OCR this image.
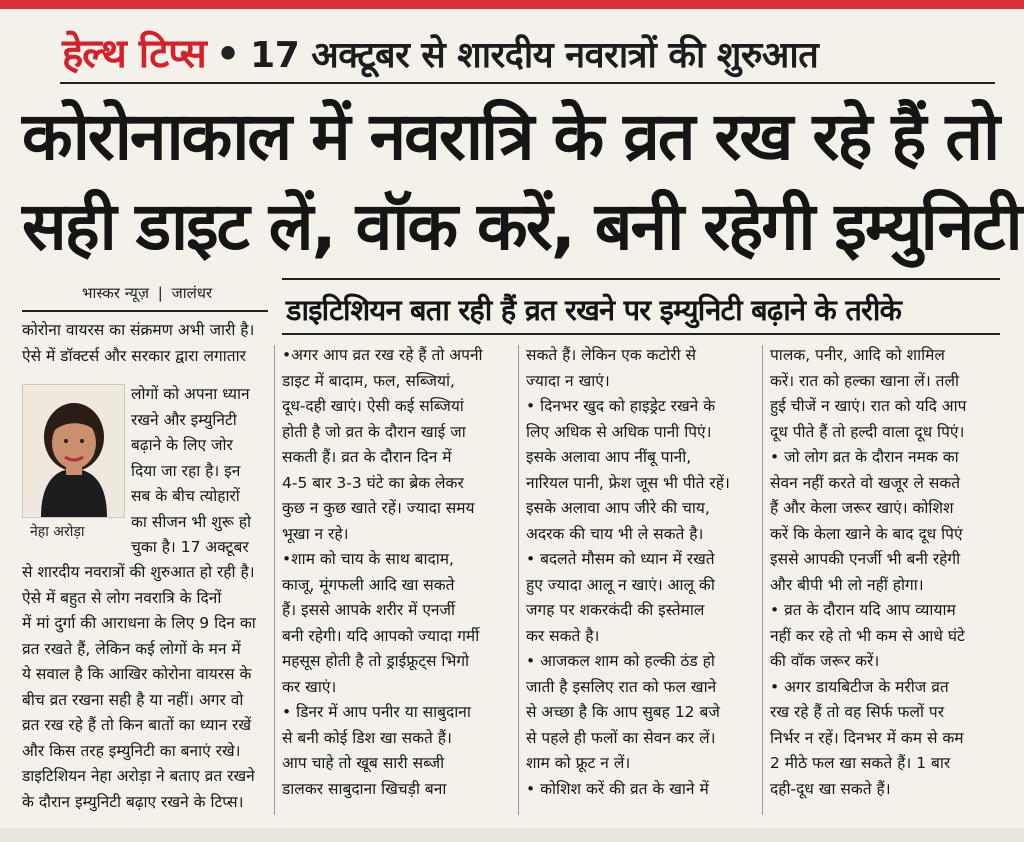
हेल्थ टिप्स • 17 अक्टूबर से शारदीय नवरात्रों की शुरुआत
कोरोनाकाल में नवरात्रि के व्रत रख रहे हैं तो
सही डाइट लें, वॉक करें, बनी रहेगी इम्युनिटी
भास्कर न्यूज़ | जालंधर	डाइटिशियन बता रही हैं व्रत रखने पर इम्युनिटी बढ़ाने के तरीके
कोरोना वायरस का संक्रमण अभी जारी है।
ऐसे में डॉक्टर्स और सरकार द्वारा लगातार
लोगों को अपना ध्यान
रखने और इम्युनिटी
बढ़ाने के लिए जोर
दिया जा रहा है। इन
सब के बीच त्योहारों
का सीजन भी शुरू हो
चुका है। 17 अक्टूबर
नेहा अरोड़ा
से शारदीय नवरात्रों की शुरुआत हो रही है।
ऐसे में बहुत से लोग नवरात्रि के दिनों
में मां दुर्गा की आराधना के लिए 9 दिन का
व्रत रखते हैं, लेकिन कई लोगों के मन में
ये सवाल है कि आखिर कोरोना वायरस के
बीच व्रत रखना सही है या नहीं। अगर वो
व्रत रख रहे हैं तो किन बातों का ध्यान रखें
और किस तरह इम्युनिटी का बनाएं रखे।
डाइटिशियन नेहा अरोड़ा ने बताए व्रत रखने
के दौरान इम्युनिटी बढ़ाए रखने के टिप्स।
•अगर आप व्रत रख रहे हैं तो अपनी
डाइट में बादाम, फल, सब्जियां,
दूध-दही खाएं। ऐसी कई सब्जियां
होती है जो व्रत के दौरान खाई जा
सकती हैं। व्रत के दौरान दिन में
4-5 बार 3-3 घंटे का ब्रेक लेकर
कुछ न कुछ खाते रहें। ज्यादा समय
भूखा न रहे।
•शाम को चाय के साथ बादाम,
काजू, मूंगफली आदि खा सकते
हैं। इससे आपके शरीर में एनर्जी
बनी रहेगी। यदि आपको ज्यादा गर्मी
महसूस होती है तो ड्राईफ्रूट्स भिगो
कर खाएं।
• डिनर में आप पनीर या साबुदाना
से बनी कोई डिश खा सकते हैं।
आप चाहे तो खूब सारी सब्जी
डालकर साबुदाना खिचड़ी बना
सकते हैं। लेकिन एक कटोरी से
ज्यादा न खाएं।
• दिनभर खुद को हाइड्रेट रखने के
लिए अधिक से अधिक पानी पिएं।
इसके अलावा आप नींबू पानी,
नारियल पानी, फ्रेश जूस भी पीते रहें।
इसके अलावा आप जीरे की चाय,
अदरक की चाय भी ले सकते है।
• बदलते मौसम को ध्यान में रखते
हुए ज्यादा आलू न खाएं। आलू की
जगह पर शकरकंदी की इस्तेमाल
कर सकते है।
• आजकल शाम को हल्की ठंड हो
जाती है इसलिए रात को फल खाने
से अच्छा है कि आप सुबह 12 बजे
से पहले ही फलों का सेवन कर लें।
शाम को फ्रूट न लें।
• कोशिश करें की व्रत के खाने में
पालक, पनीर, आदि को शामिल
करें। रात को हल्का खाना लें। तली
हुई चीजें न खाएं। रात को यदि आप
दूध पीते हैं तो हल्दी वाला दूध पिएं।
• जो लोग व्रत के दौरान नमक का
सेवन नहीं करते वो खजूर ले सकते
हैं और केला जरूर खाएं। कोशिश
करें कि केला खाने के बाद दूध पिएं
इससे आपकी एनर्जी भी बनी रहेगी
और बीपी भी लो नहीं होगा।
• व्रत के दौरान यदि आप व्यायाम
नहीं कर रहे तो भी कम से आधे घंटे
की वॉक जरूर करें।
• अगर डायबिटीज के मरीज व्रत
रख रहे हैं तो वह सिर्फ फलों पर
निर्भर न रहें। दिनभर में कम से कम
2 मीठे फल खा सकते हैं। 1 बार
दही-दूध खा सकते हैं।
